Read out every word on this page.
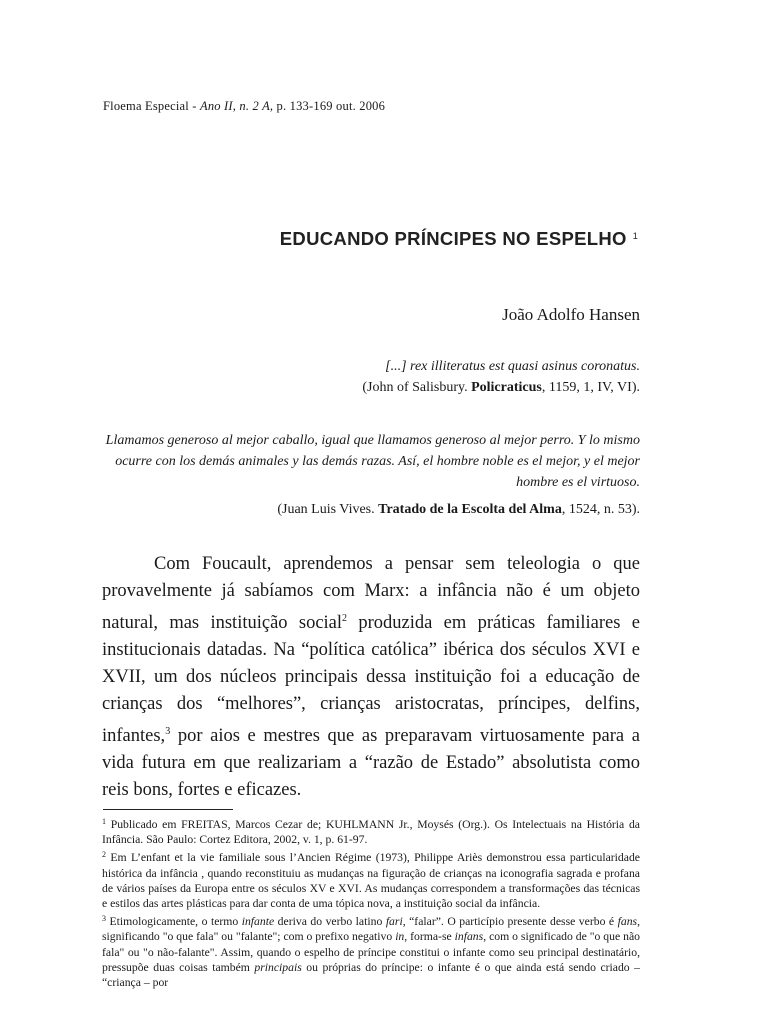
Floema Especial - Ano II, n. 2 A, p. 133-169 out. 2006
EDUCANDO PRÍNCIPES NO ESPELHO $^1$
João Adolfo Hansen
[...] rex illiteratus est quasi asinus coronatus.
(John of Salisbury. Policraticus, 1159, 1, IV, VI).
Llamamos generoso al mejor caballo, igual que llamamos generoso al mejor perro. Y lo mismo ocurre con los demás animales y las demás razas. Así, el hombre noble es el mejor, y el mejor hombre es el virtuoso.
(Juan Luis Vives. Tratado de la Escolta del Alma, 1524, n. 53).
Com Foucault, aprendemos a pensar sem teleologia o que provavelmente já sabíamos com Marx: a infância não é um objeto natural, mas instituição social$^2$ produzida em práticas familiares e institucionais datadas. Na “política católica” ibérica dos séculos XVI e XVII, um dos núcleos principais dessa instituição foi a educação de crianças dos “melhores”, crianças aristocratas, príncipes, delfins, infantes,$^3$ por aios e mestres que as preparavam virtuosamente para a vida futura em que realizariam a “razão de Estado” absolutista como reis bons, fortes e eficazes.

$^1$ Publicado em FREITAS, Marcos Cezar de; KUHLMANN Jr., Moysés (Org.). Os Intelectuais na História da Infância. São Paulo: Cortez Editora, 2002, v. 1, p. 61-97.

$^2$ Em L’enfant et la vie familiale sous l’Ancien Régime (1973), Philippe Ariès demonstrou essa particularidade histórica da infância , quando reconstituiu as mudanças na figuração de crianças na iconografia sagrada e profana de vários países da Europa entre os séculos XV e XVI. As mudanças correspondem a transformações das técnicas e estilos das artes plásticas para dar conta de uma tópica nova, a instituição social da infância.

$^3$ Etimologicamente, o termo infante deriva do verbo latino fari, “falar”. O particípio presente desse verbo é fans, significando "o que fala" ou "falante"; com o prefixo negativo in, forma-se infans, com o significado de "o que não fala" ou "o não-falante". Assim, quando o espelho de príncipe constitui o infante como seu principal destinatário, pressupõe duas coisas também principais ou próprias do príncipe: o infante é o que ainda está sendo criado – “criança – por
